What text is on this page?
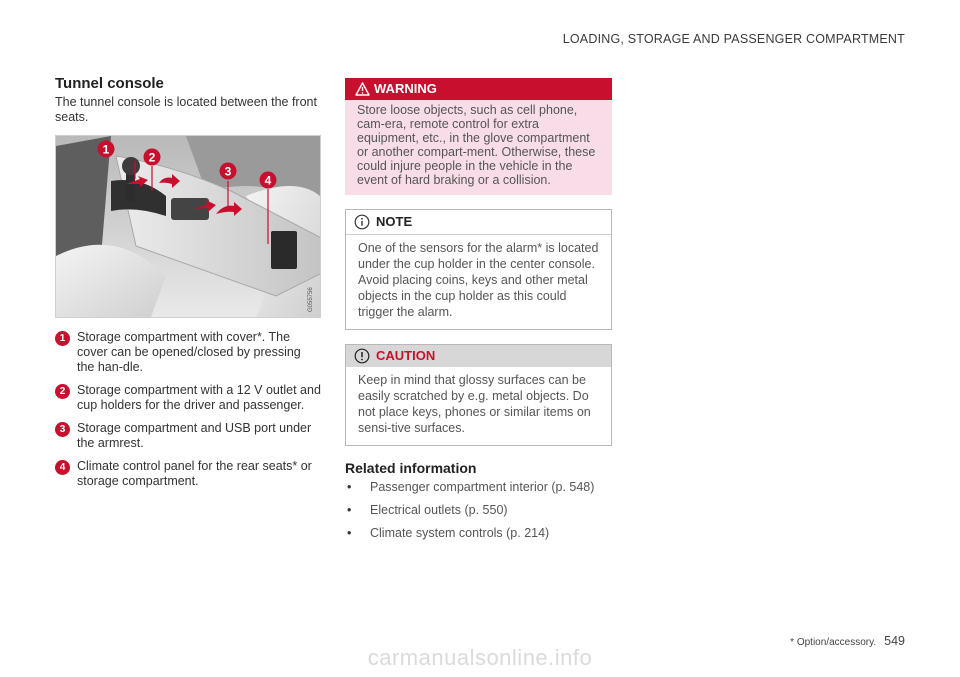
LOADING, STORAGE AND PASSENGER COMPARTMENT
Tunnel console

The tunnel console is located between the front seats.

1
2
3
4
G055756
1 Storage compartment with cover*. The cover can be opened/closed by pressing the han-dle.
2 Storage compartment with a 12 V outlet and cup holders for the driver and passenger.
3 Storage compartment and USB port under the armrest.
4 Climate control panel for the rear seats* or storage compartment.
WARNING
Store loose objects, such as cell phone, cam-era, remote control for extra equipment, etc., in the glove compartment or another compart-ment. Otherwise, these could injure people in the vehicle in the event of hard braking or a collision.
NOTE
One of the sensors for the alarm* is located under the cup holder in the center console. Avoid placing coins, keys and other metal objects in the cup holder as this could trigger the alarm.
CAUTION
Keep in mind that glossy surfaces can be easily scratched by e.g. metal objects. Do not place keys, phones or similar items on sensi-tive surfaces.
Related information
• Passenger compartment interior (p. 548)
• Electrical outlets (p. 550)
• Climate system controls (p. 214)
* Option/accessory. 549
carmanualsonline.info
